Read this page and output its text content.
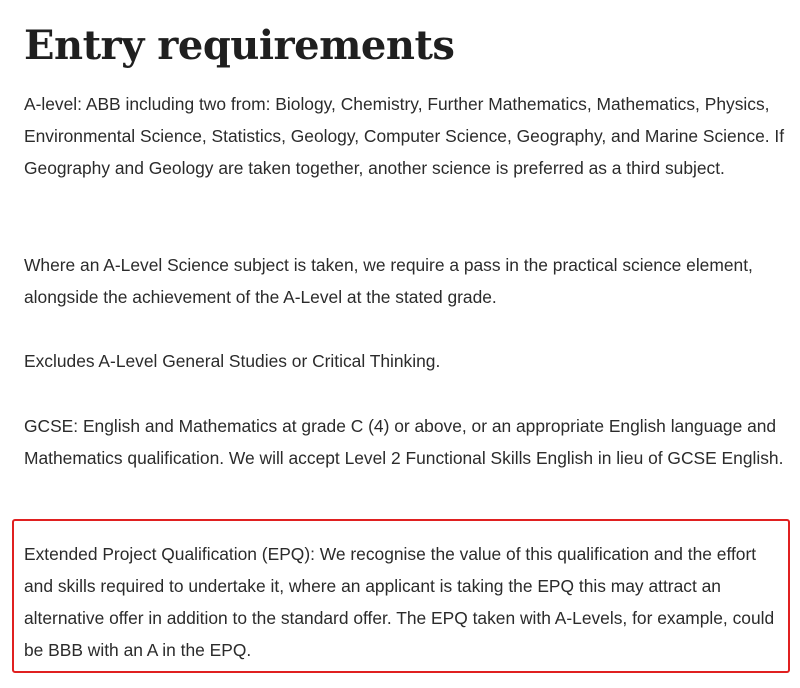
Entry requirements

A-level: ABB including two from: Biology, Chemistry, Further Mathematics, Mathematics, Physics, Environmental Science, Statistics, Geology, Computer Science, Geography, and Marine Science. If Geography and Geology are taken together, another science is preferred as a third subject.

Where an A-Level Science subject is taken, we require a pass in the practical science element, alongside the achievement of the A-Level at the stated grade.

Excludes A-Level General Studies or Critical Thinking.

GCSE: English and Mathematics at grade C (4) or above, or an appropriate English language and Mathematics qualification. We will accept Level 2 Functional Skills English in lieu of GCSE English.

Extended Project Qualification (EPQ): We recognise the value of this qualification and the effort and skills required to undertake it, where an applicant is taking the EPQ this may attract an alternative offer in addition to the standard offer. The EPQ taken with A-Levels, for example, could be BBB with an A in the EPQ.
